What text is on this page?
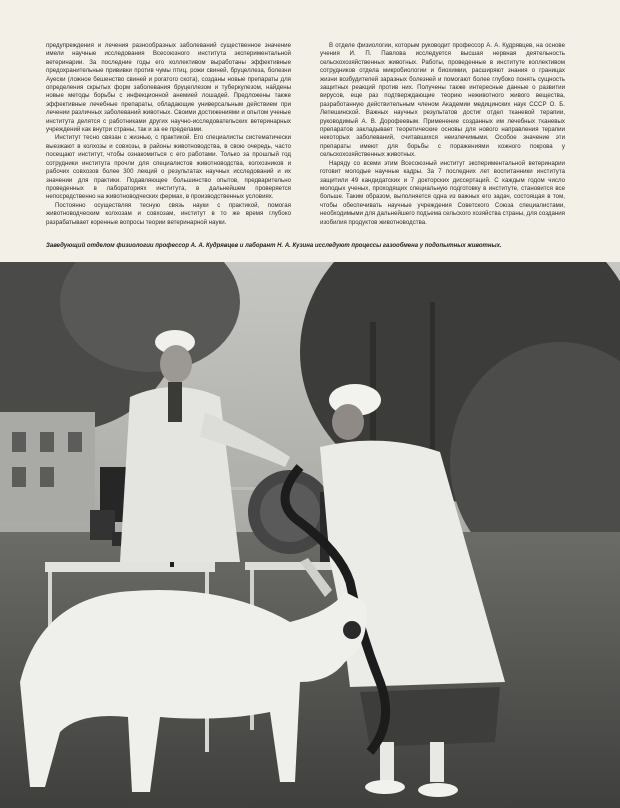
предупреждения и лечения разнообразных заболеваний существенное значение имели научные исследования Всесоюзного института экспериментальной ветеринарии. За последние годы его коллективом выработаны эффективные предохранительные прививки против чумы птиц, рожи свиней, бруцеллеза, болезни Ауески (ложное бешенство свиней и рогатого скота), созданы новые препараты для определения скрытых форм заболевания бруцеллезом и туберкулезом, найдены новые методы борьбы с инфекционной анемией лошадей. Предложены также эффективные лечебные препараты, обладающие универсальным действием при лечении различных заболеваний животных. Своими достижениями и опытом ученые института делятся с работниками других научно-исследовательских ветеринарных учреждений как внутри страны, так и за ее пределами.

Институт тесно связан с жизнью, с практикой. Его специалисты систематически выезжают в колхозы и совхозы, в районы животноводства, в свою очередь, часто посещают институт, чтобы ознакомиться с его работами. Только за прошлый год сотрудники института прочли для специалистов животноводства, колхозников и рабочих совхозов более 300 лекций о результатах научных исследований и их значении для практики. Подавляющее большинство опытов, предварительно проведенных в лабораториях института, в дальнейшем проверяется непосредственно на животноводческих фермах, в производственных условиях.

Постоянно осуществляя тесную связь науки с практикой, помогая животноводческим колхозам и совхозам, институт в то же время глубоко разрабатывает коренные вопросы теории ветеринарной науки.

В отделе физиологии, которым руководит профессор А. А. Кудрявцев, на основе учения И. П. Павлова исследуется высшая нервная деятельность сельскохозяйственных животных. Работы, проведенные в институте коллективом сотрудников отдела микробиологии и биохимии, расширяют знания о границах жизни возбудителей заразных болезней и помогают более глубоко понять сущность защитных реакций против них. Получены также интересные данные о развитии вирусов, еще раз подтверждающие теорию неживотного живого вещества, разработанную действительным членом Академии медицинских наук СССР О. Б. Лепешинской. Важных научных результатов достиг отдел тканевой терапии, руководимый А. В. Дорофеевым. Применение созданных им лечебных тканевых препаратов закладывает теоретические основы для нового направления терапии некоторых заболеваний, считавшихся неизлечимыми. Особое значение эти препараты имеют для борьбы с поражениями кожного покрова у сельскохозяйственных животных.

Наряду со всеми этим Всесоюзный институт экспериментальной ветеринарии готовит молодые научные кадры. За 7 последних лет воспитанники института защитили 49 кандидатских и 7 докторских диссертаций. С каждым годом число молодых ученых, проходящих специальную подготовку в институте, становится все больше. Таким образом, выполняется одна из важных его задач, состоящая в том, чтобы обеспечивать научные учреждения Советского Союза специалистами, необходимыми для дальнейшего подъема сельского хозяйства страны, для создания изобилия продуктов животноводства.

Заведующий отделом физиологии профессор А. А. Кудрявцев и лаборант Н. А. Кузина исследуют процессы газообмена у подопытных животных.
